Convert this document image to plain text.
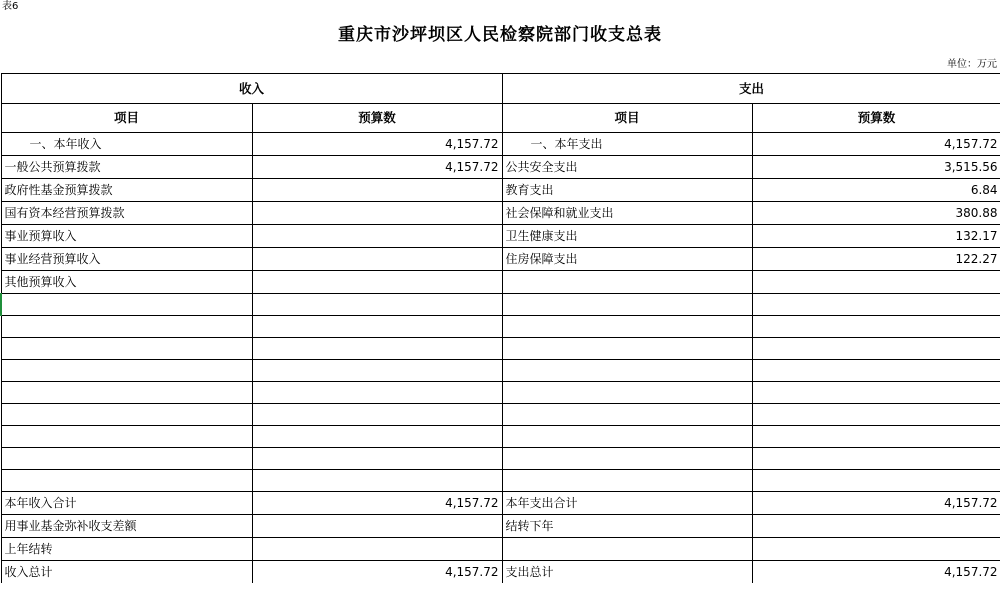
表6
重庆市沙坪坝区人民检察院部门收支总表
单位：万元
收入		支出	
项目	预算数	项目	预算数
一、本年收入	4,157.72	一、本年支出	4,157.72
一般公共预算拨款	4,157.72	公共安全支出	3,515.56
政府性基金预算拨款		教育支出	6.84
国有资本经营预算拨款		社会保障和就业支出	380.88
事业预算收入		卫生健康支出	132.17
事业经营预算收入		住房保障支出	122.27
其他预算收入			

本年收入合计	4,157.72	本年支出合计	4,157.72
用事业基金弥补收支差额		结转下年	
上年结转			
收入总计	4,157.72	支出总计	4,157.72
